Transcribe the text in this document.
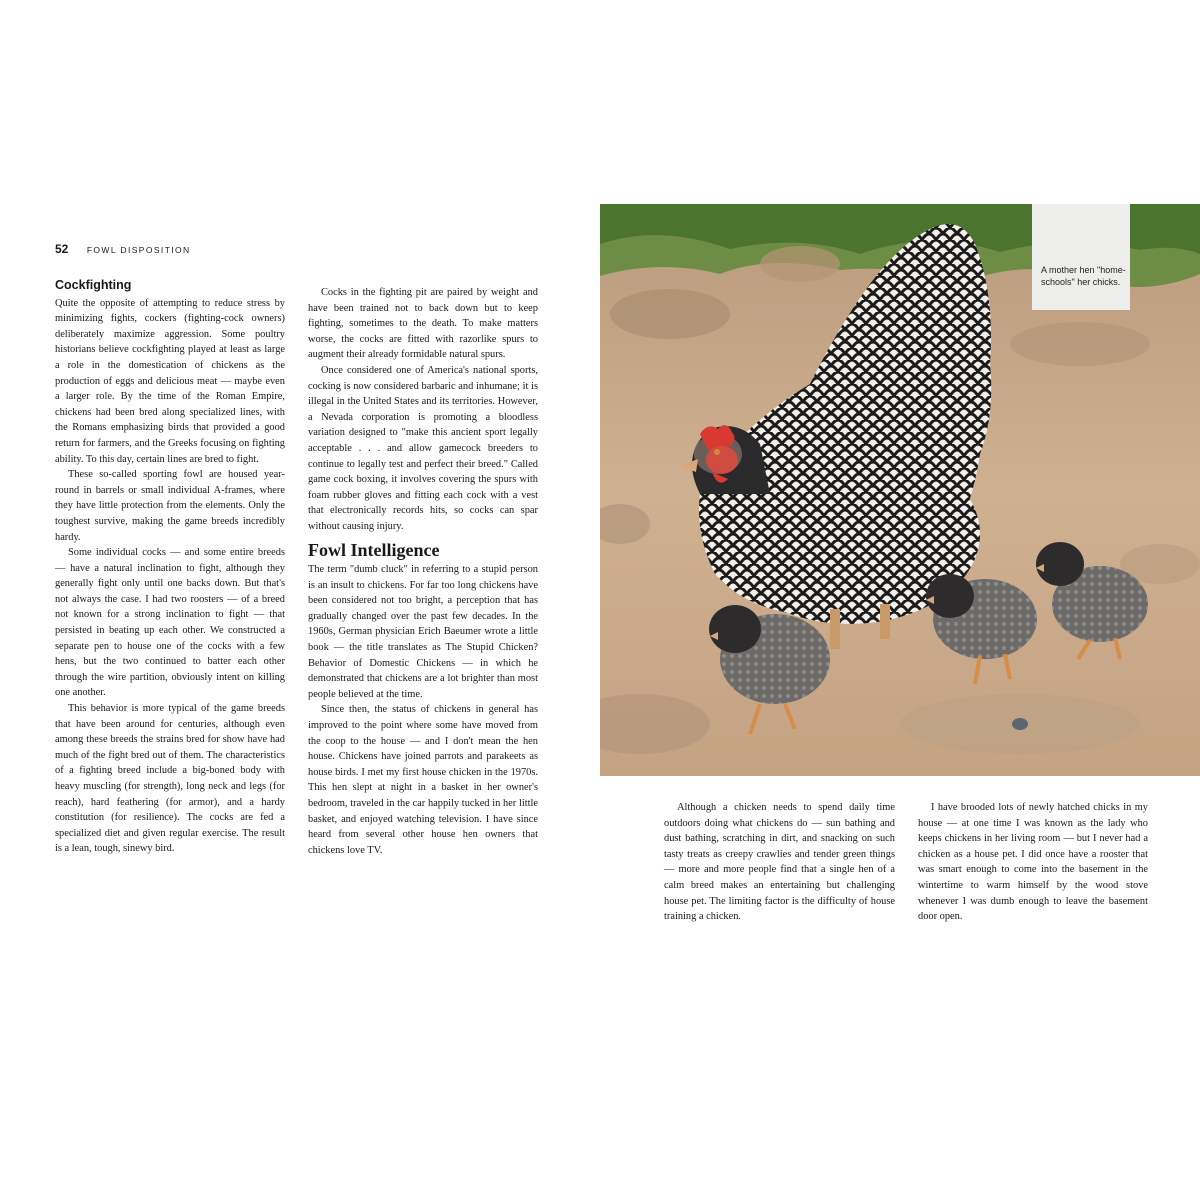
52 FOWL DISPOSITION
Cockfighting

Quite the opposite of attempting to reduce stress by minimizing fights, cockers (fighting-cock owners) deliberately maximize aggression. Some poultry historians believe cockfighting played at least as large a role in the domestication of chickens as the production of eggs and delicious meat — maybe even a larger role. By the time of the Roman Empire, chickens had been bred along specialized lines, with the Romans emphasizing birds that provided a good return for farmers, and the Greeks focusing on fighting ability. To this day, certain lines are bred to fight.

These so-called sporting fowl are housed year-round in barrels or small individual A-frames, where they have little protection from the elements. Only the toughest survive, making the game breeds incredibly hardy.

Some individual cocks — and some entire breeds — have a natural inclination to fight, although they generally fight only until one backs down. But that's not always the case. I had two roosters — of a breed not known for a strong inclination to fight — that persisted in beating up each other. We constructed a separate pen to house one of the cocks with a few hens, but the two continued to batter each other through the wire partition, obviously intent on killing one another.

This behavior is more typical of the game breeds that have been around for centuries, although even among these breeds the strains bred for show have had much of the fight bred out of them. The characteristics of a fighting breed include a big-boned body with heavy muscling (for strength), long neck and legs (for reach), hard feathering (for armor), and a hardy constitution (for resilience). The cocks are fed a specialized diet and given regular exercise. The result is a lean, tough, sinewy bird.

Cocks in the fighting pit are paired by weight and have been trained not to back down but to keep fighting, sometimes to the death. To make matters worse, the cocks are fitted with razorlike spurs to augment their already formidable natural spurs.

Once considered one of America's national sports, cocking is now considered barbaric and inhumane; it is illegal in the United States and its territories. However, a Nevada corporation is promoting a bloodless variation designed to "make this ancient sport legally acceptable . . . and allow gamecock breeders to continue to legally test and perfect their breed." Called game cock boxing, it involves covering the spurs with foam rubber gloves and fitting each cock with a vest that electronically records hits, so cocks can spar without causing injury.

Fowl Intelligence

The term "dumb cluck" in referring to a stupid person is an insult to chickens. For far too long chickens have been considered not too bright, a perception that has gradually changed over the past few decades. In the 1960s, German physician Erich Baeumer wrote a little book — the title translates as The Stupid Chicken? Behavior of Domestic Chickens — in which he demonstrated that chickens are a lot brighter than most people believed at the time.

Since then, the status of chickens in general has improved to the point where some have moved from the coop to the house — and I don't mean the hen house. Chickens have joined parrots and parakeets as house birds. I met my first house chicken in the 1970s. This hen slept at night in a basket in her owner's bedroom, traveled in the car happily tucked in her little basket, and enjoyed watching television. I have since heard from several other house hen owners that chickens love TV.

A mother hen "home-schools" her chicks.

Although a chicken needs to spend daily time outdoors doing what chickens do — sun bathing and dust bathing, scratching in dirt, and snacking on such tasty treats as creepy crawlies and tender green things — more and more people find that a single hen of a calm breed makes an entertaining but challenging house pet. The limiting factor is the difficulty of house training a chicken.

I have brooded lots of newly hatched chicks in my house — at one time I was known as the lady who keeps chickens in her living room — but I never had a chicken as a house pet. I did once have a rooster that was smart enough to come into the basement in the wintertime to warm himself by the wood stove whenever I was dumb enough to leave the basement door open.
